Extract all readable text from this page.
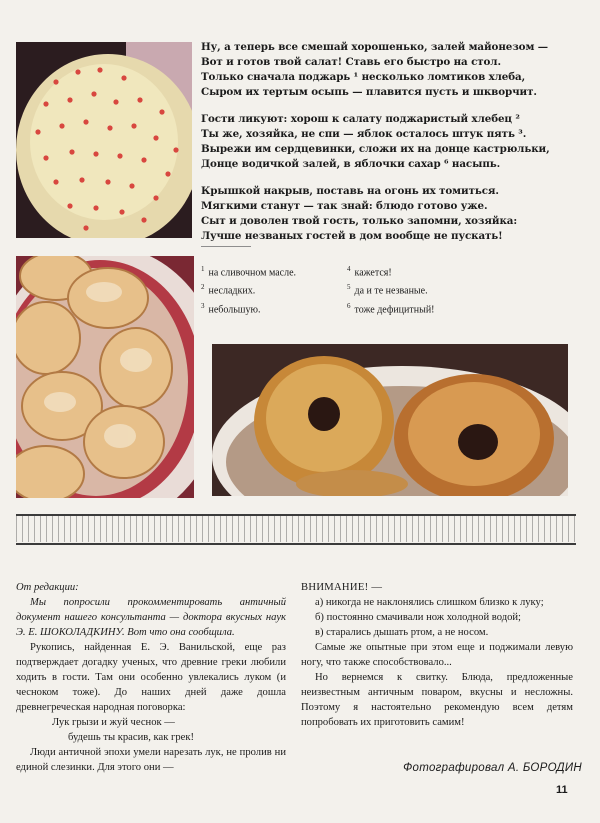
Ну, а теперь все смешай хорошенько, залей майонезом —
Вот и готов твой салат! Ставь его быстро на стол.
Только сначала поджарь ¹ несколько ломтиков хлеба,
Сыром их тертым осыпь — плавится пусть и шкворчит.
Гости ликуют: хорош к салату поджаристый хлебец ²
Ты же, хозяйка, не спи — яблок осталось штук пять ³.
Вырежи им сердцевинки, сложи их на донце кастрюльки,
Донце водичкой залей, в яблочки сахар ⁶ насыпь.
Крышкой накрыв, поставь на огонь их томиться.
Мягкими станут — так знай: блюдо готово уже.
Сыт и доволен твой гость, только запомни, хозяйка:
Лучше незваных гостей в дом вообще не пускать!
$^1$ на сливочном масле.
$^2$ несладких.
$^3$ небольшую.
$^4$ кажется!
$^5$ да и те незваные.
$^6$ тоже дефицитный!

От редакции:

Мы попросили прокомментировать античный документ нашего консультанта — доктора вкусных наук Э. Е. ШОКОЛАДКИНУ. Вот что она сообщила.

Рукопись, найденная Е. Э. Ванильской, еще раз подтверждает догадку ученых, что древние греки любили ходить в гости. Там они особенно увлекались луком (и чесноком тоже). До наших дней даже дошла древнегреческая народная поговорка:

Лук грызи и жуй чеснок —

будешь ты красив, как грек!

Люди античной эпохи умели нарезать лук, не пролив ни единой слезинки. Для этого они —

ВНИМАНИЕ! —

а) никогда не наклонялись слишком близко к луку;

б) постоянно смачивали нож холодной водой;

в) старались дышать ртом, а не носом.

Самые же опытные при этом еще и поджимали левую ногу, что также способствовало...

Но вернемся к свитку. Блюда, предложенные неизвестным античным поваром, вкусны и несложны. Поэтому я настоятельно рекомендую всем детям попробовать их приготовить самим!

Фотографировал А. БОРОДИН
11
